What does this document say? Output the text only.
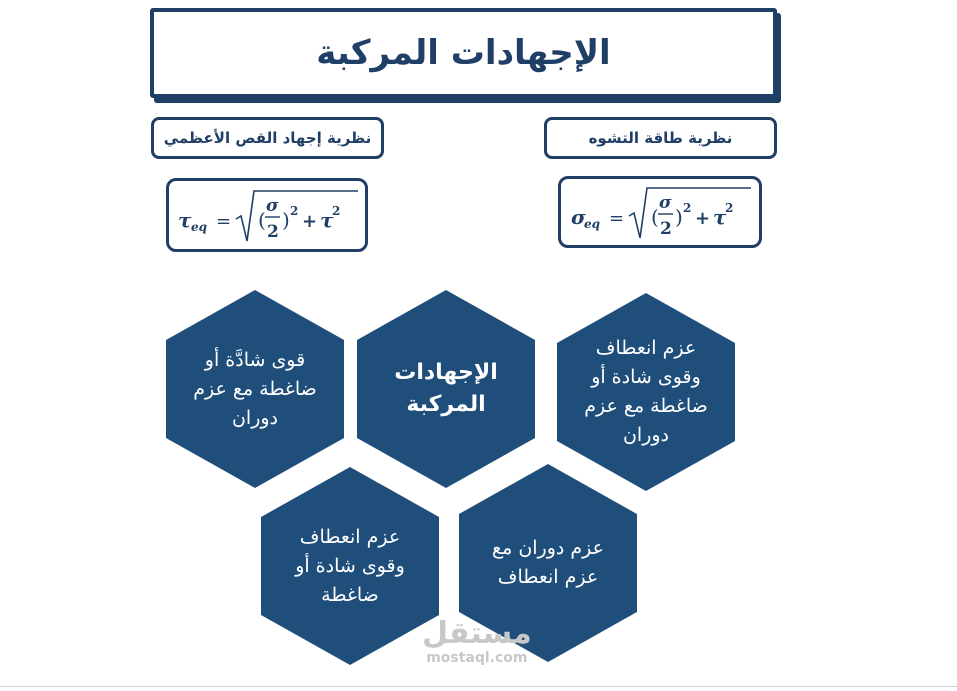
الإجهادات المركبة
نظرية إجهاد القص الأعظمي	نظرية طاقة التشوه
τ eq = (
σ
2 ) 2 + τ
2	σ
eq = (
σ
2 ) 2 + τ
2
قوى شادَّة أو ضاغطة مع عزم دوران
الإجهادات المركبة
عزم انعطاف وقوى شادة أو ضاغطة مع عزم دوران
عزم انعطاف وقوى شادة أو ضاغطة
عزم دوران مع عزم انعطاف
مستقل
mostaql.com
